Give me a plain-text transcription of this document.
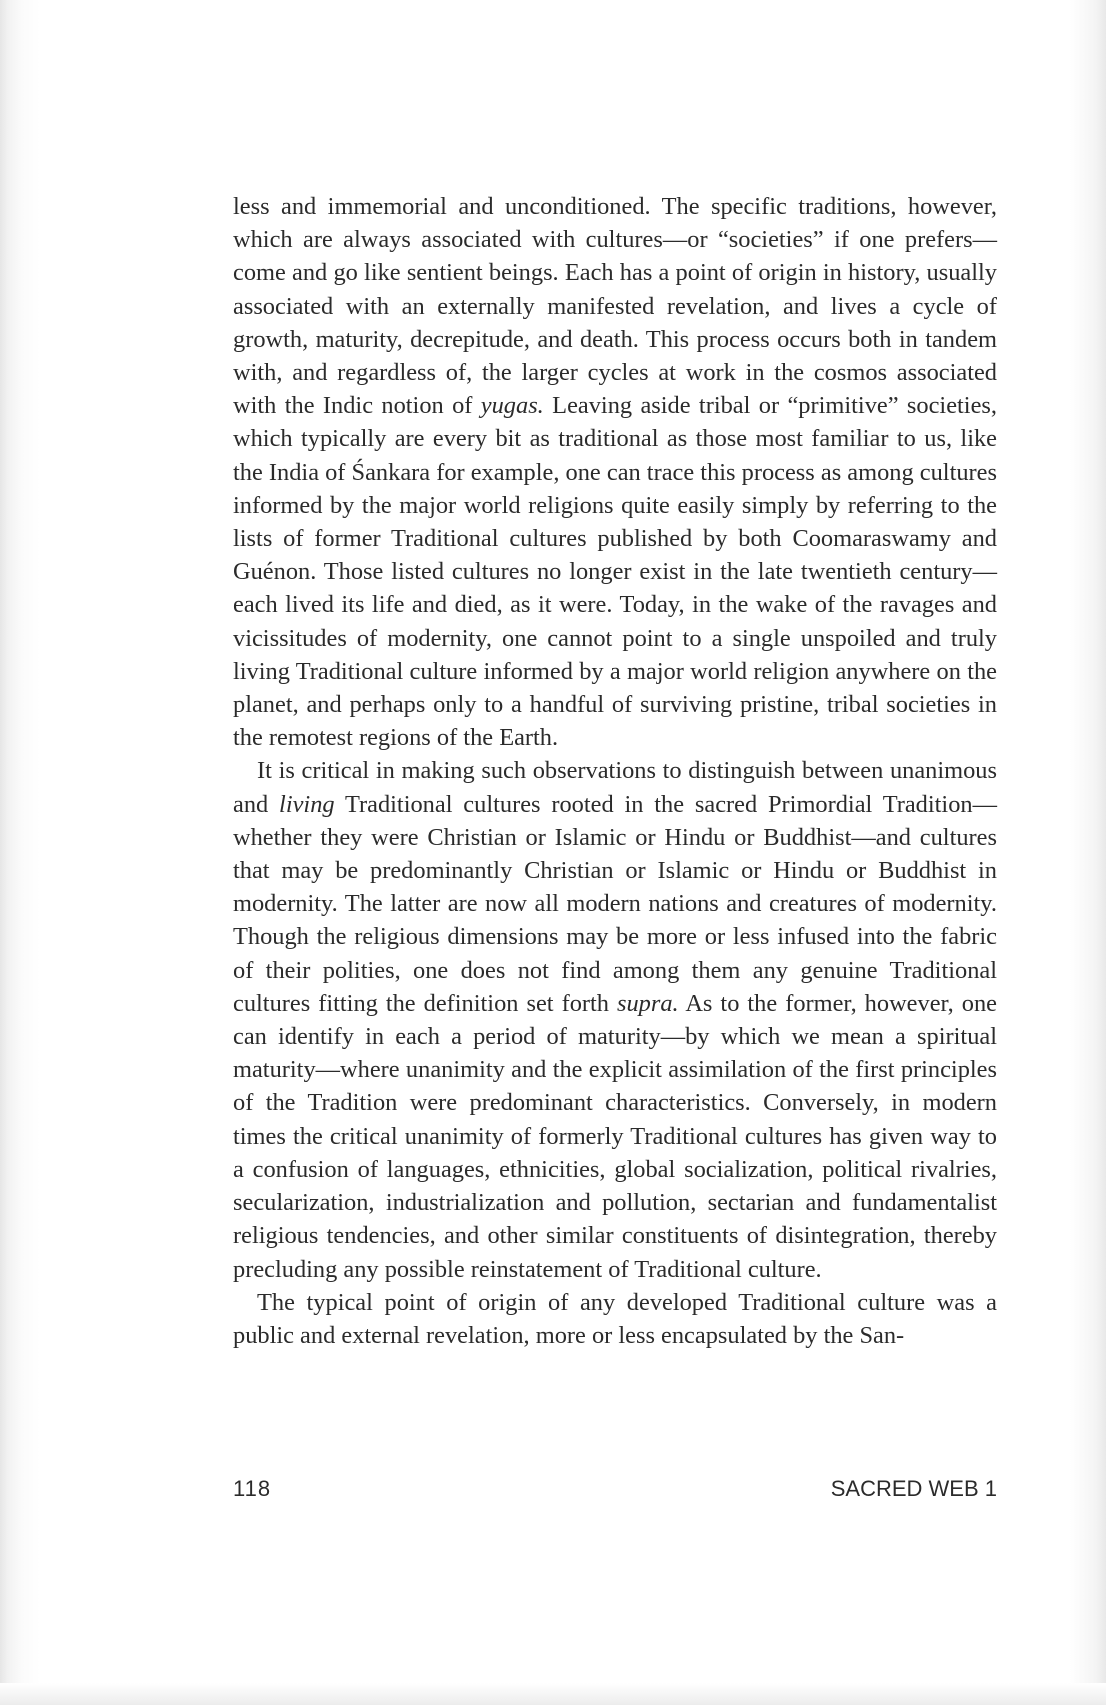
less and immemorial and unconditioned. The specific traditions, however, which are always associated with cultures—or “societies” if one prefers—come and go like sentient beings. Each has a point of origin in history, usually associated with an externally manifested revelation, and lives a cycle of growth, maturity, decrepitude, and death. This process occurs both in tandem with, and regardless of, the larger cycles at work in the cosmos associated with the Indic notion of yugas. Leaving aside tribal or “primitive” societies, which typically are every bit as traditional as those most familiar to us, like the India of Śankara for example, one can trace this process as among cultures informed by the major world religions quite easily simply by referring to the lists of former Traditional cultures published by both Coomaraswamy and Guénon. Those listed cultures no longer exist in the late twentieth century—each lived its life and died, as it were. Today, in the wake of the ravages and vicissitudes of modernity, one cannot point to a single unspoiled and truly living Traditional culture informed by a major world religion anywhere on the planet, and perhaps only to a handful of surviving pristine, tribal societies in the remotest regions of the Earth.

It is critical in making such observations to distinguish between unanimous and living Traditional cultures rooted in the sacred Primordial Tradition—whether they were Christian or Islamic or Hindu or Buddhist—and cultures that may be predominantly Christian or Islamic or Hindu or Buddhist in modernity. The latter are now all modern nations and creatures of modernity. Though the religious dimensions may be more or less infused into the fabric of their polities, one does not find among them any genuine Traditional cultures fitting the definition set forth supra. As to the former, however, one can identify in each a period of maturity—by which we mean a spiritual maturity—where unanimity and the explicit assimilation of the first principles of the Tradition were predominant characteristics. Conversely, in modern times the critical unanimity of formerly Traditional cultures has given way to a confusion of languages, ethnicities, global socialization, political rivalries, secularization, industrialization and pollution, sectarian and fundamentalist religious tendencies, and other similar constituents of disintegration, thereby precluding any possible reinstatement of Traditional culture.

The typical point of origin of any developed Traditional culture was a public and external revelation, more or less encapsulated by the San-

118	SACRED WEB 1
